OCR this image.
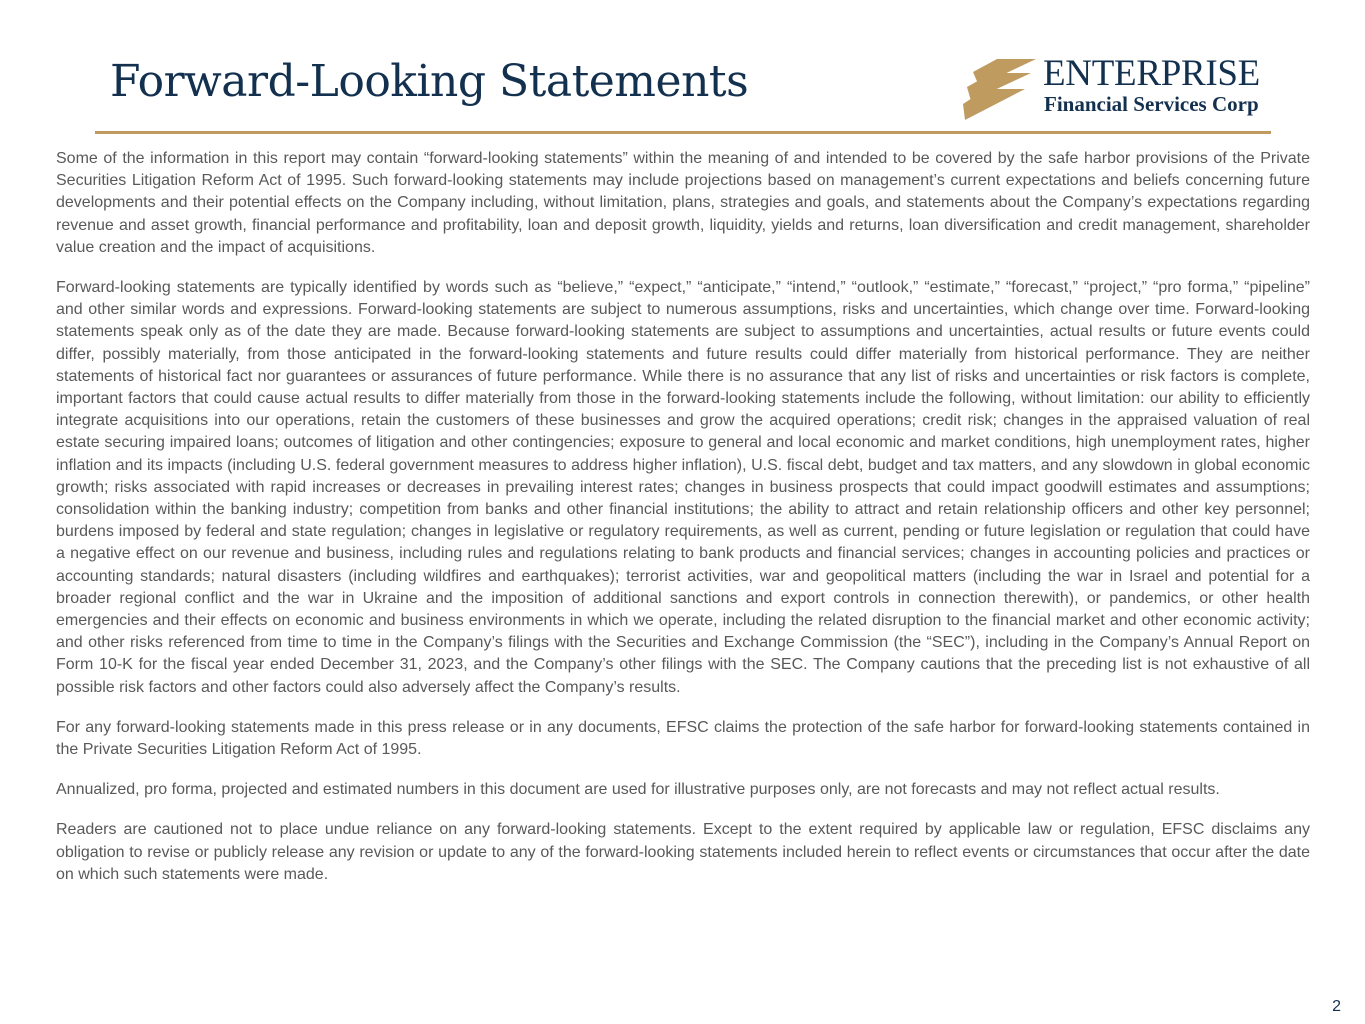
Forward-Looking Statements	ENTERPRISE
Financial Services Corp

Some of the information in this report may contain “forward-looking statements” within the meaning of and intended to be covered by the safe harbor provisions of the Private Securities Litigation Reform Act of 1995. Such forward-looking statements may include projections based on management’s current expectations and beliefs concerning future developments and their potential effects on the Company including, without limitation, plans, strategies and goals, and statements about the Company’s expectations regarding revenue and asset growth, financial performance and profitability, loan and deposit growth, liquidity, yields and returns, loan diversification and credit management, shareholder value creation and the impact of acquisitions.

Forward-looking statements are typically identified by words such as “believe,” “expect,” “anticipate,” “intend,” “outlook,” “estimate,” “forecast,” “project,” “pro forma,” “pipeline” and other similar words and expressions. Forward-looking statements are subject to numerous assumptions, risks and uncertainties, which change over time. Forward-looking statements speak only as of the date they are made. Because forward-looking statements are subject to assumptions and uncertainties, actual results or future events could differ, possibly materially, from those anticipated in the forward-looking statements and future results could differ materially from historical performance. They are neither statements of historical fact nor guarantees or assurances of future performance. While there is no assurance that any list of risks and uncertainties or risk factors is complete, important factors that could cause actual results to differ materially from those in the forward-looking statements include the following, without limitation: our ability to efficiently integrate acquisitions into our operations, retain the customers of these businesses and grow the acquired operations; credit risk; changes in the appraised valuation of real estate securing impaired loans; outcomes of litigation and other contingencies; exposure to general and local economic and market conditions, high unemployment rates, higher inflation and its impacts (including U.S. federal government measures to address higher inflation), U.S. fiscal debt, budget and tax matters, and any slowdown in global economic growth; risks associated with rapid increases or decreases in prevailing interest rates; changes in business prospects that could impact goodwill estimates and assumptions; consolidation within the banking industry; competition from banks and other financial institutions; the ability to attract and retain relationship officers and other key personnel; burdens imposed by federal and state regulation; changes in legislative or regulatory requirements, as well as current, pending or future legislation or regulation that could have a negative effect on our revenue and business, including rules and regulations relating to bank products and financial services; changes in accounting policies and practices or accounting standards; natural disasters (including wildfires and earthquakes); terrorist activities, war and geopolitical matters (including the war in Israel and potential for a broader regional conflict and the war in Ukraine and the imposition of additional sanctions and export controls in connection therewith), or pandemics, or other health emergencies and their effects on economic and business environments in which we operate, including the related disruption to the financial market and other economic activity; and other risks referenced from time to time in the Company’s filings with the Securities and Exchange Commission (the “SEC”), including in the Company’s Annual Report on Form 10-K for the fiscal year ended December 31, 2023, and the Company’s other filings with the SEC. The Company cautions that the preceding list is not exhaustive of all possible risk factors and other factors could also adversely affect the Company’s results.

For any forward-looking statements made in this press release or in any documents, EFSC claims the protection of the safe harbor for forward-looking statements contained in the Private Securities Litigation Reform Act of 1995.

Annualized, pro forma, projected and estimated numbers in this document are used for illustrative purposes only, are not forecasts and may not reflect actual results.

Readers are cautioned not to place undue reliance on any forward-looking statements. Except to the extent required by applicable law or regulation, EFSC disclaims any obligation to revise or publicly release any revision or update to any of the forward-looking statements included herein to reflect events or circumstances that occur after the date on which such statements were made.

2
